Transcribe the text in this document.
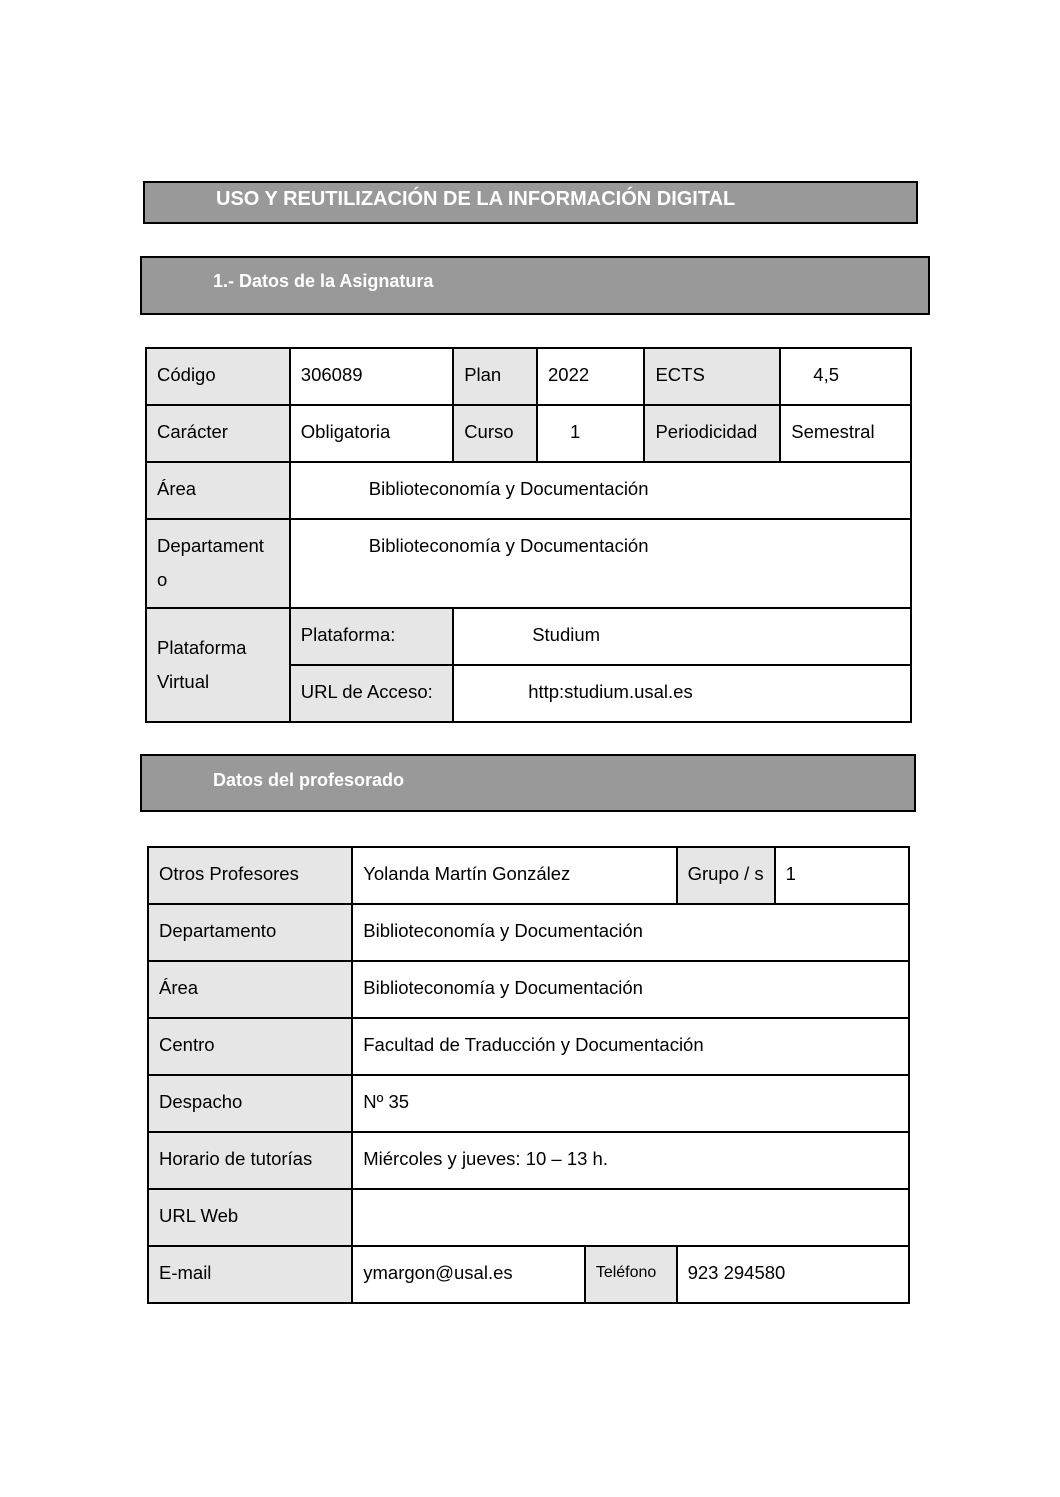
USO Y REUTILIZACIÓN DE LA INFORMACIÓN DIGITAL
1.- Datos de la Asignatura
Código	306089	Plan	2022	ECTS	4,5
Carácter	Obligatoria	Curso	1	Periodicidad	Semestral
Área	Biblioteconomía y Documentación				
Departament o	Biblioteconomía y Documentación				
Plataforma Virtual	Plataforma:	Studium			
	URL de Acceso:	http:studium.usal.es			
Datos del profesorado
Otros Profesores	Yolanda Martín González		Grupo / s	1
Departamento	Biblioteconomía y Documentación			
Área	Biblioteconomía y Documentación			
Centro	Facultad de Traducción y Documentación			
Despacho	Nº 35			
Horario de tutorías	Miércoles y jueves: 10 – 13 h.			
URL Web				
E-mail	ymargon@usal.es	Teléfono	923 294580	
